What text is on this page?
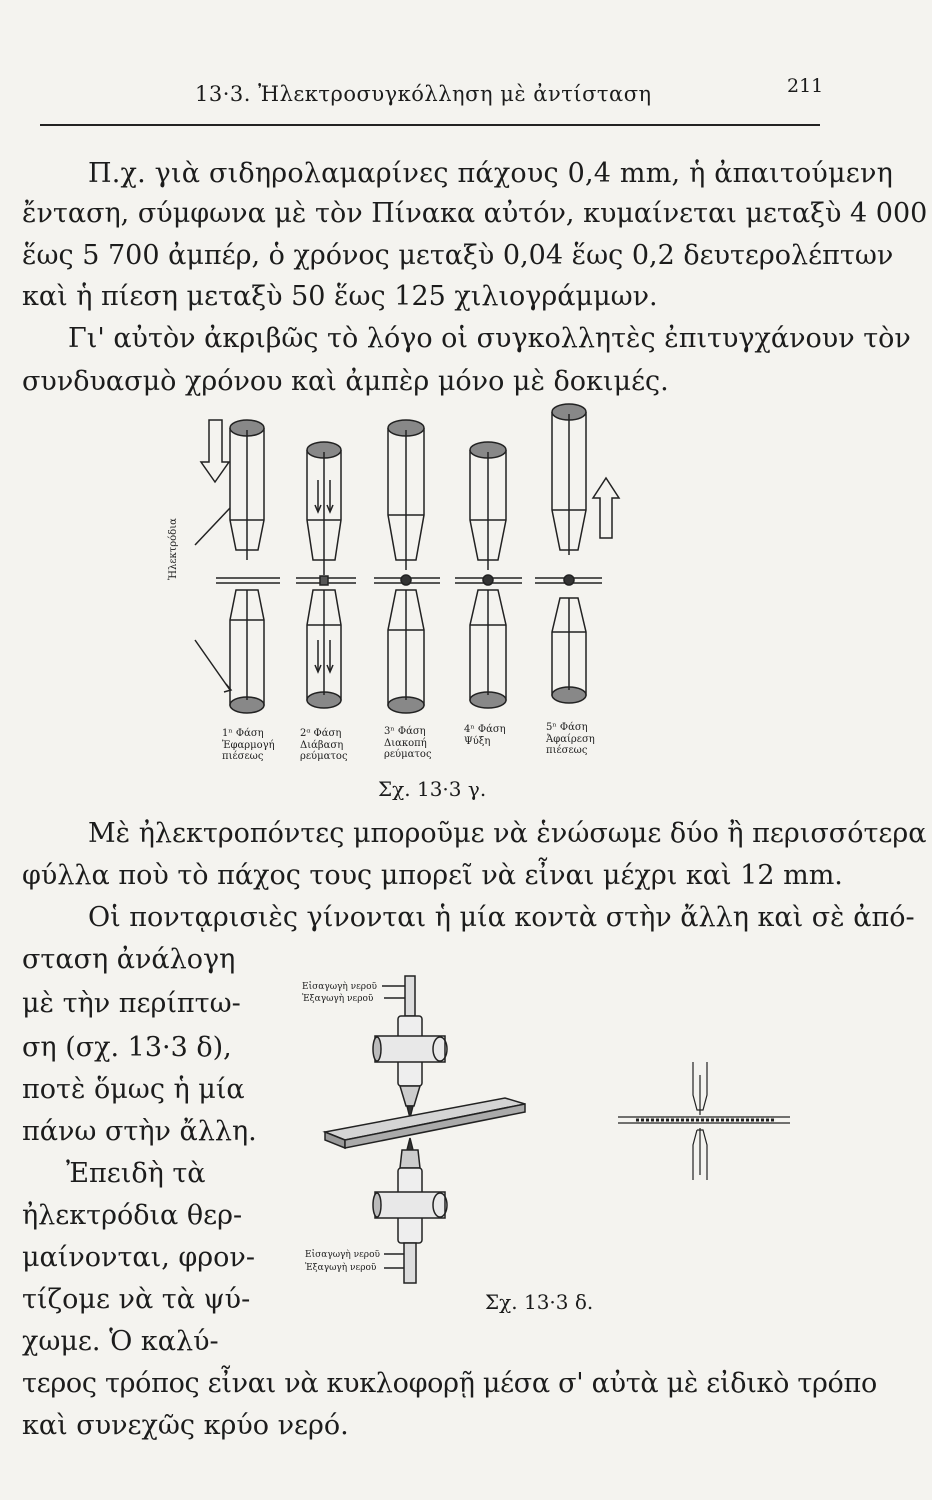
13·3. Ἠλεκτροσυγκόλληση μὲ ἀντίσταση	211
Π.χ. γιὰ σιδηρολαμαρίνες πάχους 0,4 mm, ἡ ἀπαιτούμενη
ἔνταση, σύμφωνα μὲ τὸν Πίνακα αὐτόν, κυμαίνεται μεταξὺ 4 000
ἕως 5 700 ἀμπέρ, ὁ χρόνος μεταξὺ 0,04 ἕως 0,2 δευτερολέπτων
καὶ ἡ πίεση μεταξὺ 50 ἕως 125 χιλιογράμμων.
Γι' αὐτὸν ἀκριβῶς τὸ λόγο οἱ συγκολλητὲς ἐπιτυγχάνουν τὸν
συνδυασμὸ χρόνου καὶ ἀμπὲρ μόνο μὲ δοκιμές.
Ἠλεκτρόδια
1ⁿ Φάση
Ἐφαρμογή
πιέσεως
2ᵅ Φάση
Διάβαση
ρεύματος
3ⁿ Φάση
Διακοπή
ρεύματος
4ⁿ Φάση
Ψύξη
5ⁿ Φάση
Ἀφαίρεση
πιέσεως
Σχ. 13·3 γ.
Μὲ ἠλεκτροπόντες μποροῦμε νὰ ἑνώσωμε δύο ἢ περισσότερα
φύλλα ποὺ τὸ πάχος τους μπορεῖ νὰ εἶναι μέχρι καὶ 12 mm.
Οἱ ποντᾳρισιὲς γίνονται ἡ μία κοντὰ στὴν ἄλλη καὶ σὲ ἀπό-
σταση ἀνάλογη
μὲ τὴν περίπτω-
ση (σχ. 13·3 δ),
ποτὲ ὅμως ἡ μία
πάνω στὴν ἄλλη.
Ἐπειδὴ τὰ
ἠλεκτρόδια θερ-
μαίνονται, φρον-
τίζομε νὰ τὰ ψύ-
χωμε. Ὁ καλύ-
Εἰσαγωγὴ νεροῦ
Ἐξαγωγὴ νεροῦ
Εἰσαγωγὴ νεροῦ
Ἐξαγωγὴ νεροῦ
Σχ. 13·3 δ.
τερος τρόπος εἶναι νὰ κυκλοφορῇ μέσα σ' αὐτὰ μὲ εἰδικὸ τρόπο
καὶ συνεχῶς κρύο νερό.
